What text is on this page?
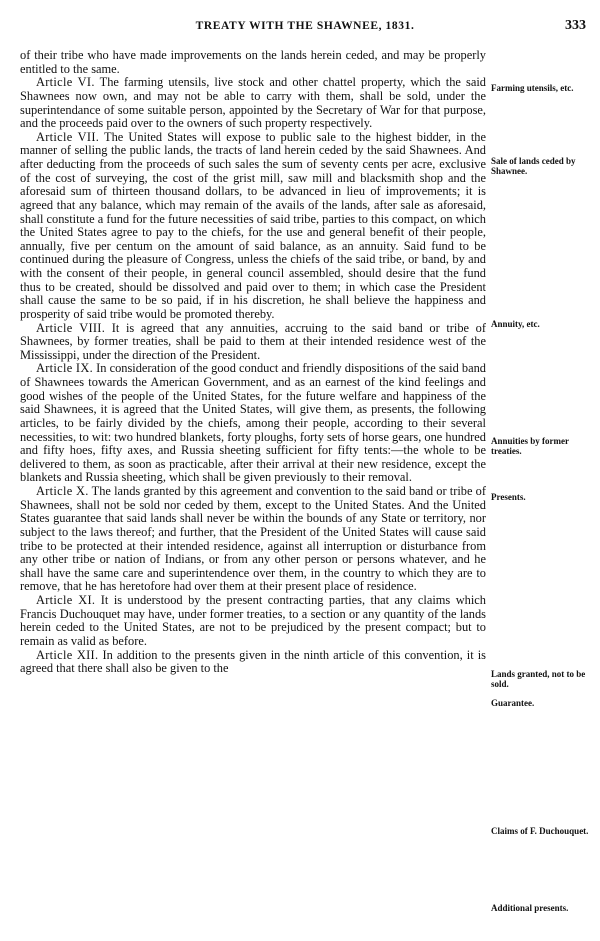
TREATY WITH THE SHAWNEE, 1831.	333

of their tribe who have made improvements on the lands herein ceded, and may be properly entitled to the same.

Article VI. The farming utensils, live stock and other chattel property, which the said Shawnees now own, and may not be able to carry with them, shall be sold, under the superintendance of some suitable person, appointed by the Secretary of War for that purpose, and the proceeds paid over to the owners of such property respectively.

Article VII. The United States will expose to public sale to the highest bidder, in the manner of selling the public lands, the tracts of land herein ceded by the said Shawnees. And after deducting from the proceeds of such sales the sum of seventy cents per acre, exclusive of the cost of surveying, the cost of the grist mill, saw mill and blacksmith shop and the aforesaid sum of thirteen thousand dollars, to be advanced in lieu of improvements; it is agreed that any balance, which may remain of the avails of the lands, after sale as aforesaid, shall constitute a fund for the future necessities of said tribe, parties to this compact, on which the United States agree to pay to the chiefs, for the use and general benefit of their people, annually, five per centum on the amount of said balance, as an annuity. Said fund to be continued during the pleasure of Congress, unless the chiefs of the said tribe, or band, by and with the consent of their people, in general council assembled, should desire that the fund thus to be created, should be dissolved and paid over to them; in which case the President shall cause the same to be so paid, if in his discretion, he shall believe the happiness and prosperity of said tribe would be promoted thereby.

Article VIII. It is agreed that any annuities, accruing to the said band or tribe of Shawnees, by former treaties, shall be paid to them at their intended residence west of the Mississippi, under the direction of the President.

Article IX. In consideration of the good conduct and friendly dispositions of the said band of Shawnees towards the American Government, and as an earnest of the kind feelings and good wishes of the people of the United States, for the future welfare and happiness of the said Shawnees, it is agreed that the United States, will give them, as presents, the following articles, to be fairly divided by the chiefs, among their people, according to their several necessities, to wit: two hundred blankets, forty ploughs, forty sets of horse gears, one hundred and fifty hoes, fifty axes, and Russia sheeting sufficient for fifty tents:—the whole to be delivered to them, as soon as practicable, after their arrival at their new residence, except the blankets and Russia sheeting, which shall be given previously to their removal.

Article X. The lands granted by this agreement and convention to the said band or tribe of Shawnees, shall not be sold nor ceded by them, except to the United States. And the United States guarantee that said lands shall never be within the bounds of any State or territory, nor subject to the laws thereof; and further, that the President of the United States will cause said tribe to be protected at their intended residence, against all interruption or disturbance from any other tribe or nation of Indians, or from any other person or persons whatever, and he shall have the same care and superintendence over them, in the country to which they are to remove, that he has heretofore had over them at their present place of residence.

Article XI. It is understood by the present contracting parties, that any claims which Francis Duchouquet may have, under former treaties, to a section or any quantity of the lands herein ceded to the United States, are not to be prejudiced by the present compact; but to remain as valid as before.

Article XII. In addition to the presents given in the ninth article of this convention, it is agreed that there shall also be given to the

Farming utensils, etc.
Sale of lands ceded by Shawnee.
Annuity, etc.
Annuities by former treaties.
Presents.
Lands granted, not to be sold.
Guarantee.
Claims of F. Duchouquet.
Additional presents.
